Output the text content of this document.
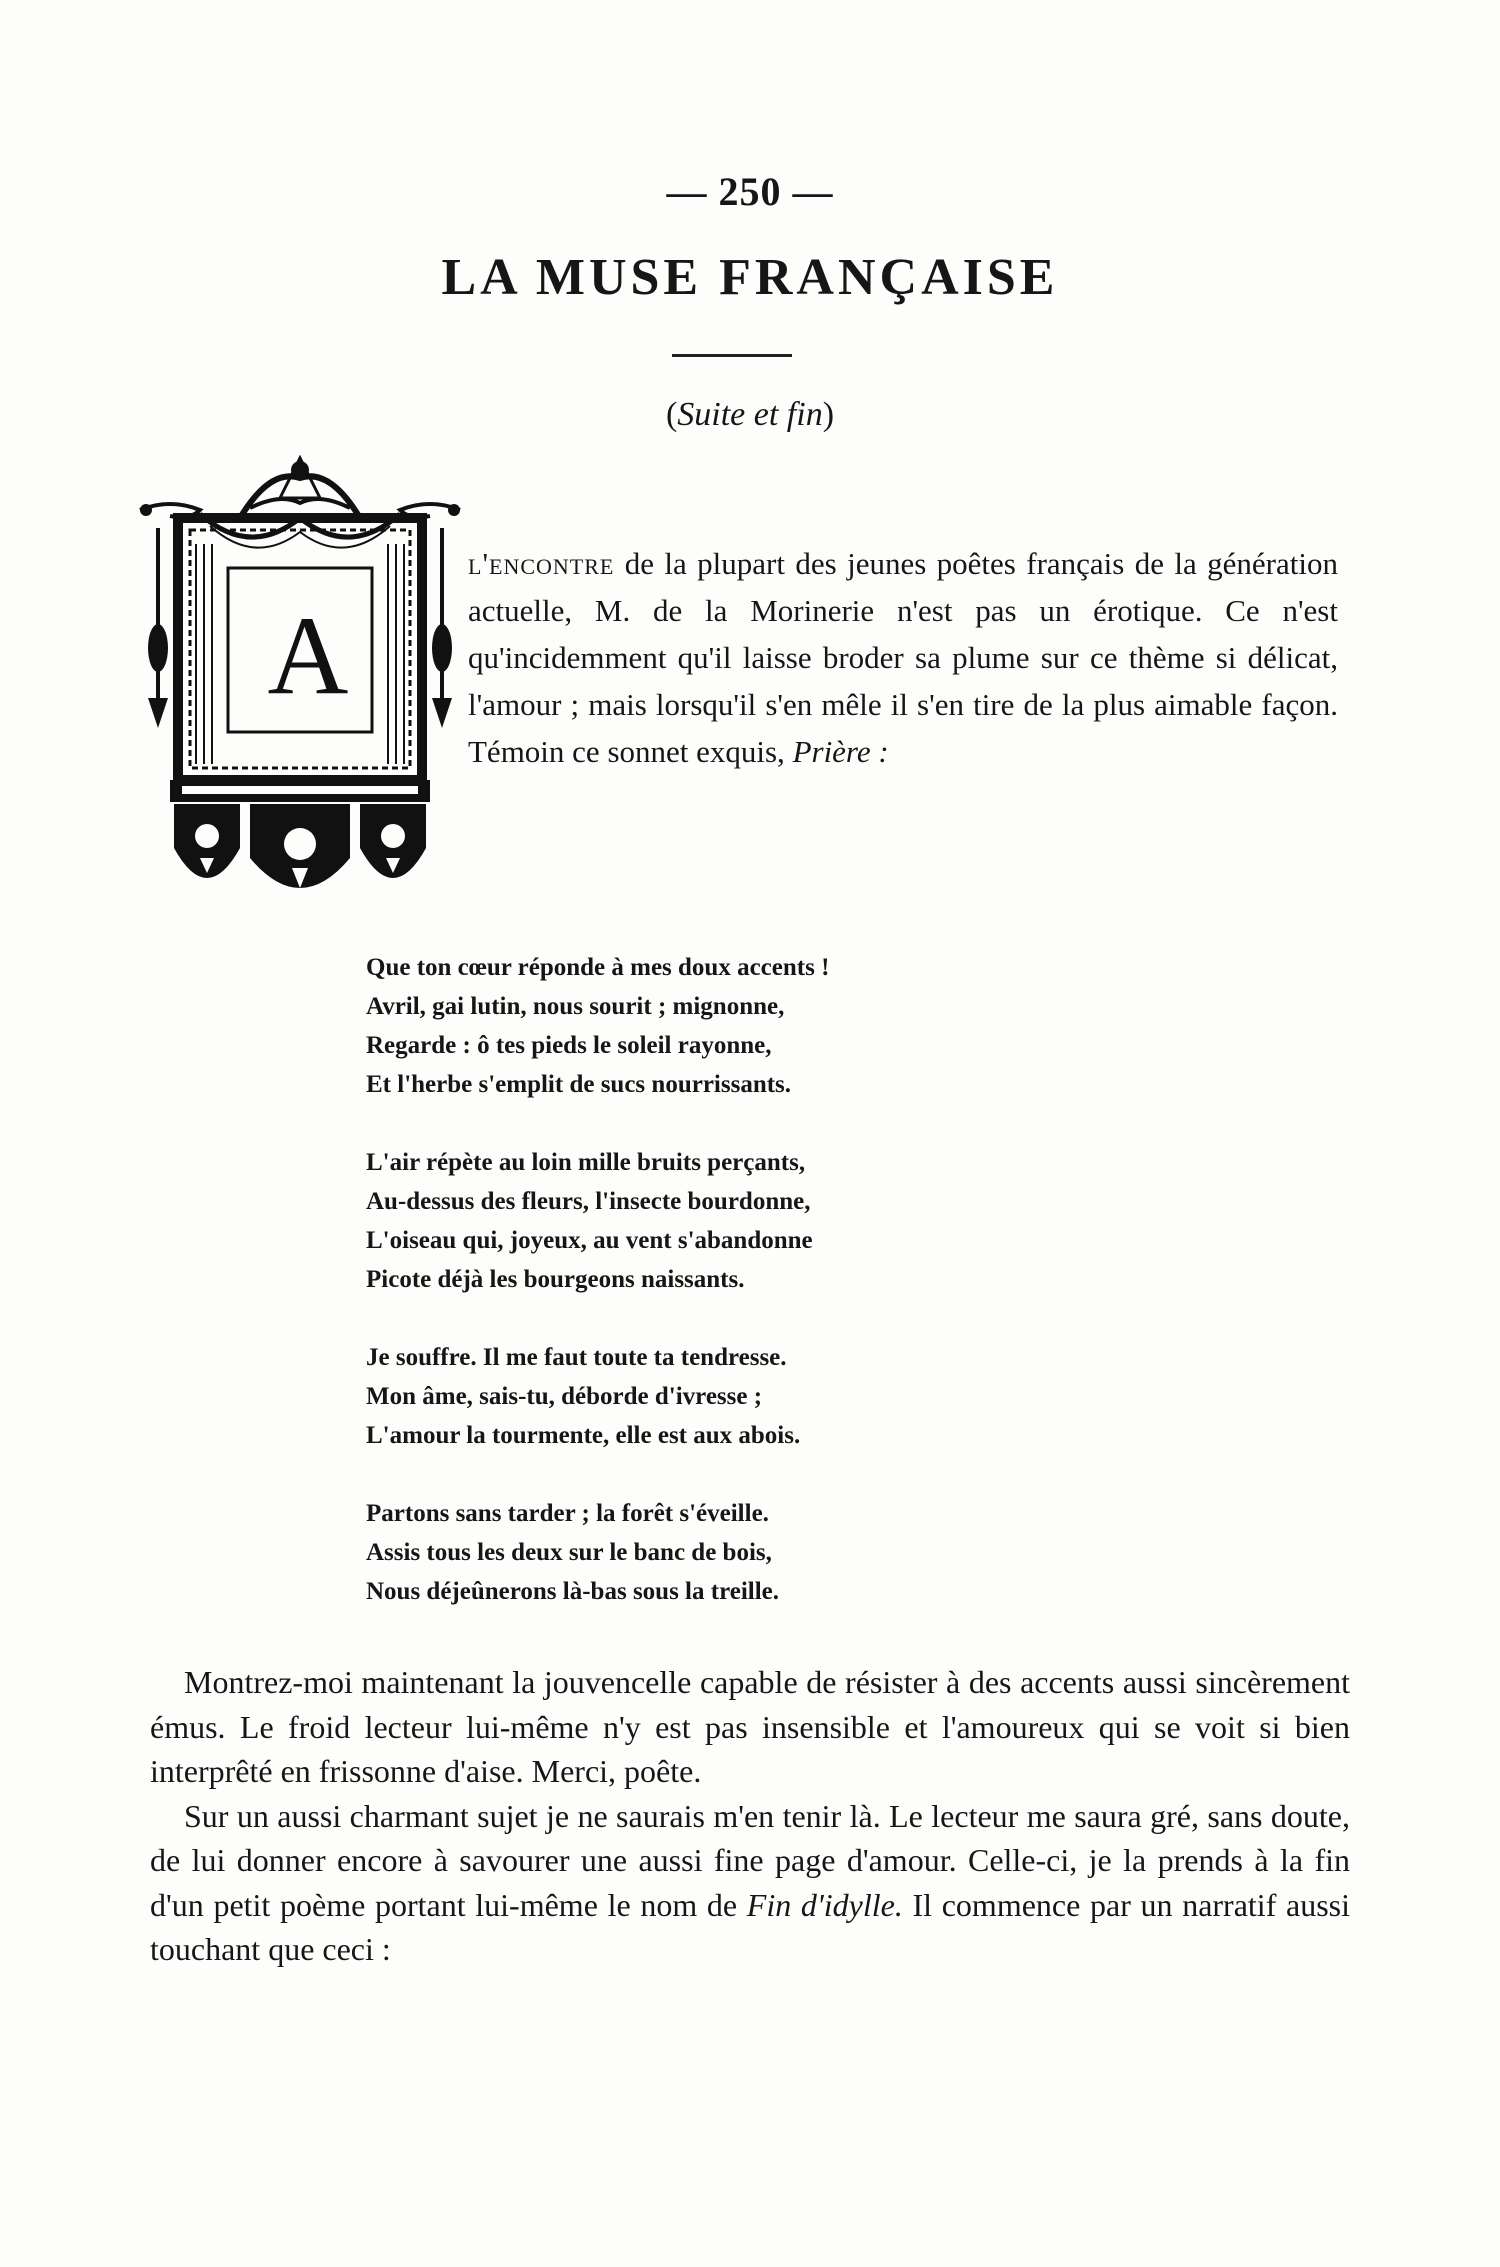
— 250 —
LA MUSE FRANÇAISE
(Suite et fin)
A
l'encontre de la plupart des jeunes poêtes français de la génération actuelle, M. de la Morinerie n'est pas un érotique. Ce n'est qu'incidemment qu'il laisse broder sa plume sur ce thème si délicat, l'amour ; mais lorsqu'il s'en mêle il s'en tire de la plus aimable façon. Témoin ce sonnet exquis, Prière :
Que ton cœur réponde à mes doux accents !
Avril, gai lutin, nous sourit ; mignonne,
Regarde : ô tes pieds le soleil rayonne,
Et l'herbe s'emplit de sucs nourrissants.
L'air répète au loin mille bruits perçants,
Au-dessus des fleurs, l'insecte bourdonne,
L'oiseau qui, joyeux, au vent s'abandonne
Picote déjà les bourgeons naissants.
Je souffre. Il me faut toute ta tendresse.
Mon âme, sais-tu, déborde d'ivresse ;
L'amour la tourmente, elle est aux abois.
Partons sans tarder ; la forêt s'éveille.
Assis tous les deux sur le banc de bois,
Nous déjeûnerons là-bas sous la treille.

Montrez-moi maintenant la jouvencelle capable de résister à des accents aussi sincèrement émus. Le froid lecteur lui-même n'y est pas insensible et l'amoureux qui se voit si bien interprêté en frissonne d'aise. Merci, poête.

Sur un aussi charmant sujet je ne saurais m'en tenir là. Le lecteur me saura gré, sans doute, de lui donner encore à savourer une aussi fine page d'amour. Celle-ci, je la prends à la fin d'un petit poème portant lui-même le nom de Fin d'idylle. Il commence par un narratif aussi touchant que ceci :
